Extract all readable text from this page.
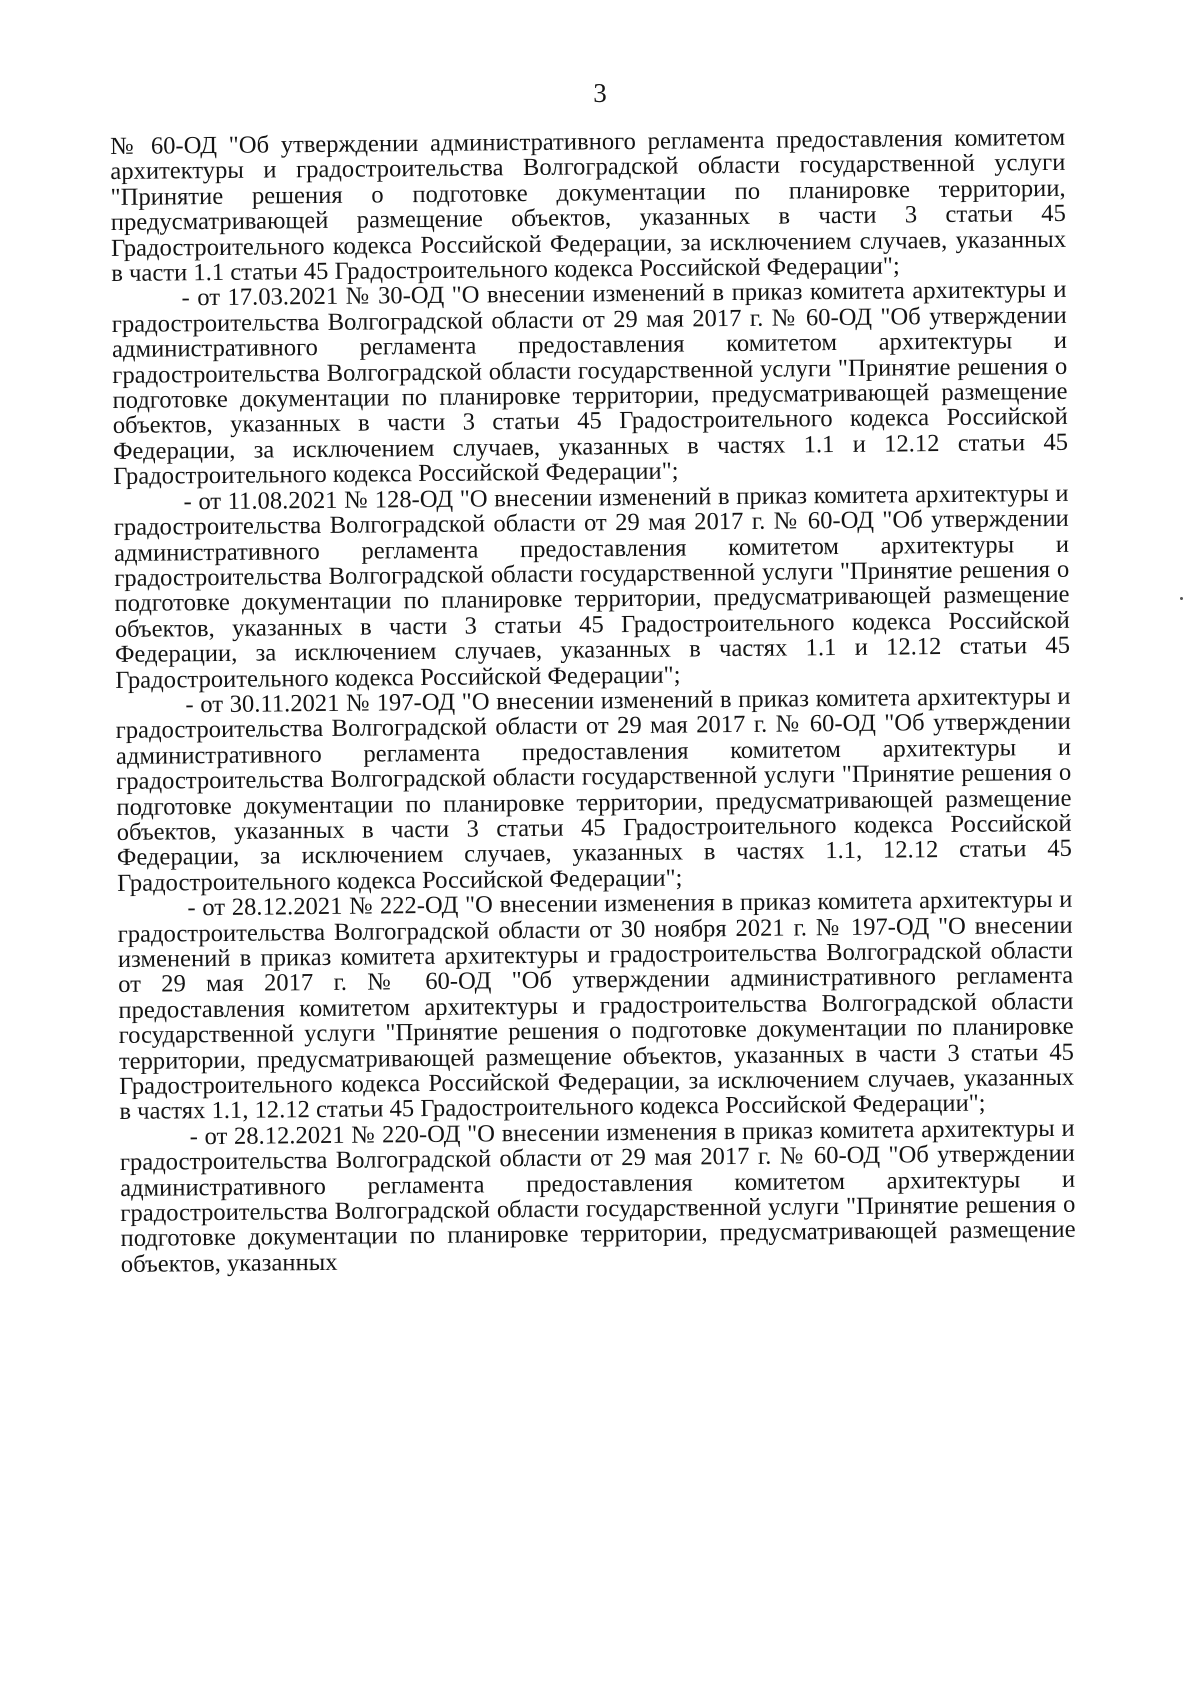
3

№ 60-ОД "Об утверждении административного регламента предоставления комитетом архитектуры и градостроительства Волгоградской области государственной услуги "Принятие решения о подготовке документации по планировке территории, предусматривающей размещение объектов, указанных в части 3 статьи 45 Градостроительного кодекса Российской Федерации, за исключением случаев, указанных в части 1.1 статьи 45 Градостроительного кодекса Российской Федерации";

- от 17.03.2021 № 30-ОД "О внесении изменений в приказ комитета архитектуры и градостроительства Волгоградской области от 29 мая 2017 г. № 60-ОД "Об утверждении административного регламента предоставления комитетом архитектуры и градостроительства Волгоградской области государственной услуги "Принятие решения о подготовке документации по планировке территории, предусматривающей размещение объектов, указанных в части 3 статьи 45 Градостроительного кодекса Российской Федерации, за исключением случаев, указанных в частях 1.1 и 12.12 статьи 45 Градостроительного кодекса Российской Федерации";

- от 11.08.2021 № 128-ОД "О внесении изменений в приказ комитета архитектуры и градостроительства Волгоградской области от 29 мая 2017 г. № 60-ОД "Об утверждении административного регламента предоставления комитетом архитектуры и градостроительства Волгоградской области государственной услуги "Принятие решения о подготовке документации по планировке территории, предусматривающей размещение объектов, указанных в части 3 статьи 45 Градостроительного кодекса Российской Федерации, за исключением случаев, указанных в частях 1.1 и 12.12 статьи 45 Градостроительного кодекса Российской Федерации";

- от 30.11.2021 № 197-ОД "О внесении изменений в приказ комитета архитектуры и градостроительства Волгоградской области от 29 мая 2017 г. № 60-ОД "Об утверждении административного регламента предоставления комитетом архитектуры и градостроительства Волгоградской области государственной услуги "Принятие решения о подготовке документации по планировке территории, предусматривающей размещение объектов, указанных в части 3 статьи 45 Градостроительного кодекса Российской Федерации, за исключением случаев, указанных в частях 1.1, 12.12 статьи 45 Градостроительного кодекса Российской Федерации";

- от 28.12.2021 № 222-ОД "О внесении изменения в приказ комитета архитектуры и градостроительства Волгоградской области от 30 ноября 2021 г. № 197-ОД "О внесении изменений в приказ комитета архитектуры и градостроительства Волгоградской области от 29 мая 2017 г. № 60-ОД "Об утверждении административного регламента предоставления комитетом архитектуры и градостроительства Волгоградской области государственной услуги "Принятие решения о подготовке документации по планировке территории, предусматривающей размещение объектов, указанных в части 3 статьи 45 Градостроительного кодекса Российской Федерации, за исключением случаев, указанных в частях 1.1, 12.12 статьи 45 Градостроительного кодекса Российской Федерации";

- от 28.12.2021 № 220-ОД "О внесении изменения в приказ комитета архитектуры и градостроительства Волгоградской области от 29 мая 2017 г. № 60-ОД "Об утверждении административного регламента предоставления комитетом архитектуры и градостроительства Волгоградской области государственной услуги "Принятие решения о подготовке документации по планировке территории, предусматривающей размещение объектов, указанных
